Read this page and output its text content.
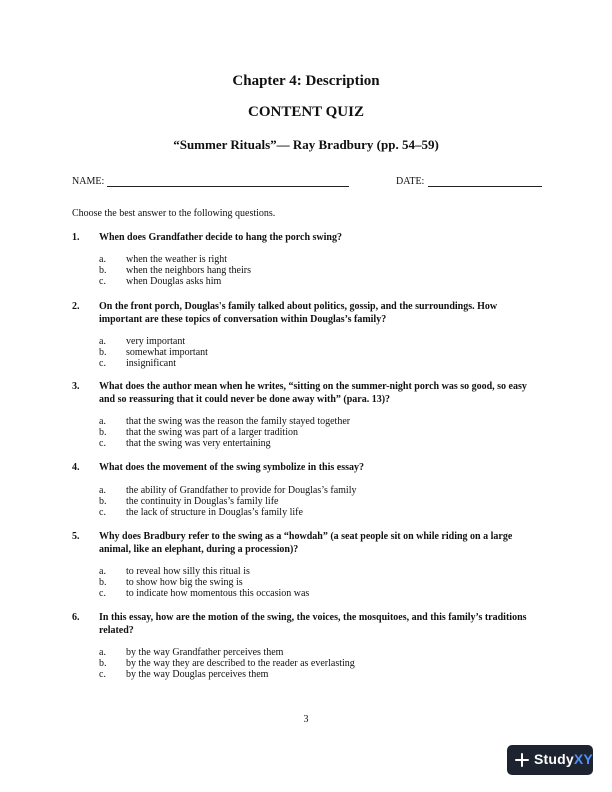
Chapter 4: Description
CONTENT QUIZ
“Summer Rituals”— Ray Bradbury (pp. 54–59)
NAME:	DATE:

Choose the best answer to the following questions.

1. When does Grandfather decide to hang the porch swing?
a. when the weather is right
b. when the neighbors hang theirs
c. when Douglas asks him
2. On the front porch, Douglas's family talked about politics, gossip, and the surroundings. How important are these topics of conversation within Douglas’s family?
a. very important
b. somewhat important
c. insignificant
3. What does the author mean when he writes, “sitting on the summer-night porch was so good, so easy and so reassuring that it could never be done away with” (para. 13)?
a. that the swing was the reason the family stayed together
b. that the swing was part of a larger tradition
c. that the swing was very entertaining
4. What does the movement of the swing symbolize in this essay?
a. the ability of Grandfather to provide for Douglas’s family
b. the continuity in Douglas’s family life
c. the lack of structure in Douglas’s family life
5. Why does Bradbury refer to the swing as a “howdah” (a seat people sit on while riding on a large animal, like an elephant, during a procession)?
a. to reveal how silly this ritual is
b. to show how big the swing is
c. to indicate how momentous this occasion was
6. In this essay, how are the motion of the swing, the voices, the mosquitoes, and this family’s traditions related?
a. by the way Grandfather perceives them
b. by the way they are described to the reader as everlasting
c. by the way Douglas perceives them
3
StudyXY
